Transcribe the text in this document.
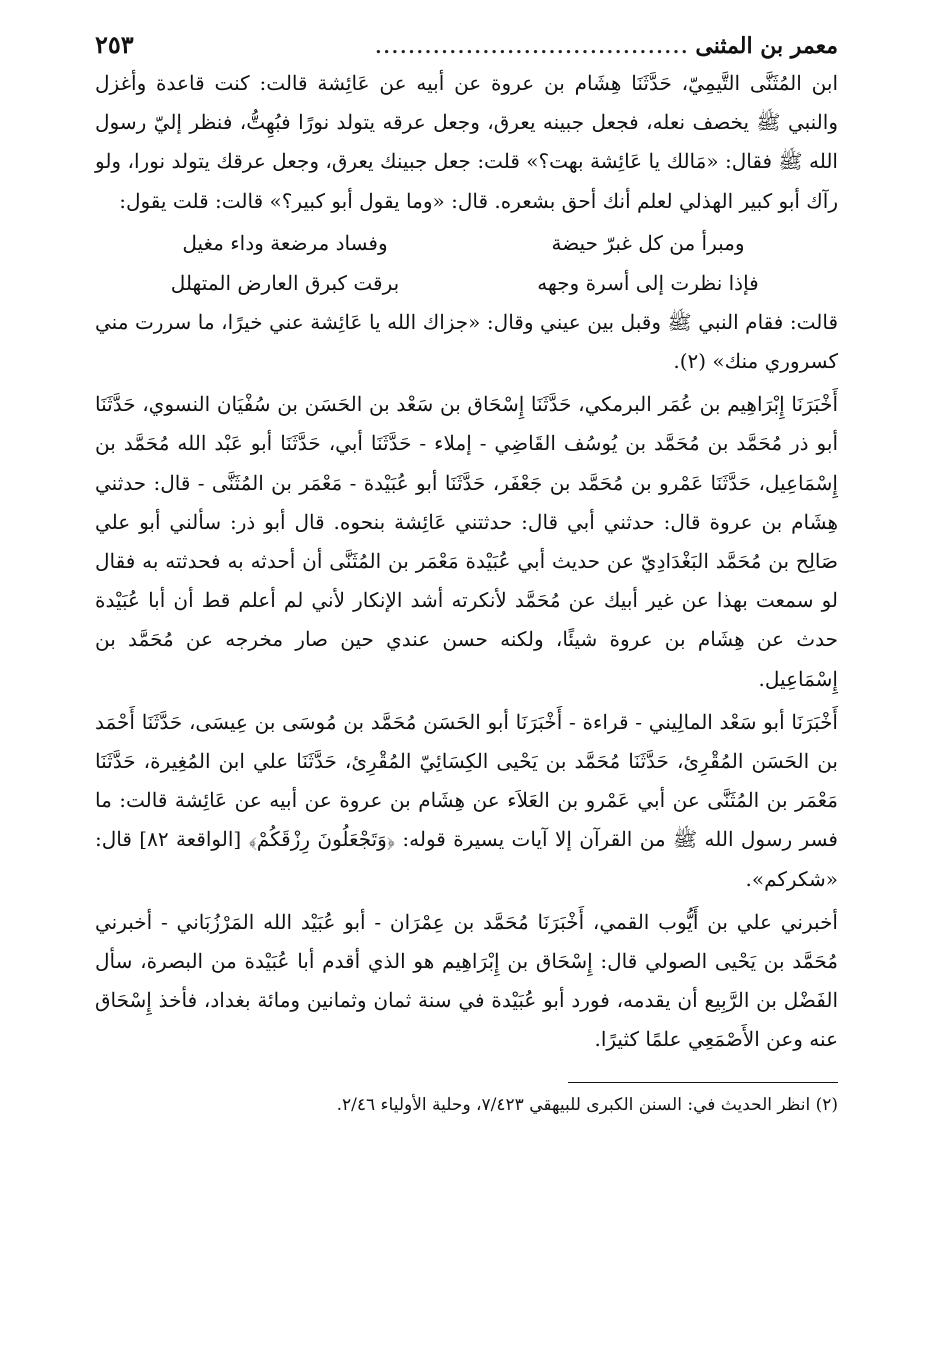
معمر بن المثنى
......................................
٢٥٣

ابن المُثَنَّى التَّيمِيّ، حَدَّثَنَا هِشَام بن عروة عن أبيه عن عَائِشة قالت: كنت قاعدة وأغزل والنبي ﷺ يخصف نعله، فجعل جبينه يعرق، وجعل عرقه يتولد نورًا فبُهِتُّ، فنظر إليّ رسول الله ﷺ فقال: «مَالك يا عَائِشة بهت؟» قلت: جعل جبينك يعرق، وجعل عرقك يتولد نورا، ولو رآك أبو كبير الهذلي لعلم أنك أحق بشعره. قال: «وما يقول أبو كبير؟» قالت: قلت يقول:

ومبرأ من كل غبرّ حيضة
وفساد مرضعة وداء مغيل
فإذا نظرت إلى أسرة وجهه
برقت كبرق العارض المتهلل

قالت: فقام النبي ﷺ وقبل بين عيني وقال: «جزاك الله يا عَائِشة عني خيرًا، ما سررت مني كسروري منك» (٢).

أَخْبَرَنَا إِبْرَاهِيم بن عُمَر البرمكي، حَدَّثَنَا إِسْحَاق بن سَعْد بن الحَسَن بن سُفْيَان النسوي، حَدَّثَنَا أبو ذر مُحَمَّد بن مُحَمَّد بن يُوسُف القَاضِي - إملاء - حَدَّثَنَا أبي، حَدَّثَنَا أبو عَبْد الله مُحَمَّد بن إِسْمَاعِيل، حَدَّثَنَا عَمْرو بن مُحَمَّد بن جَعْفَر، حَدَّثَنَا أبو عُبَيْدة - مَعْمَر بن المُثَنَّى - قال: حدثني هِشَام بن عروة قال: حدثني أبي قال: حدثتني عَائِشة بنحوه. قال أبو ذر: سألني أبو علي صَالِح بن مُحَمَّد البَغْدَادِيّ عن حديث أبي عُبَيْدة مَعْمَر بن المُثَنَّى أن أحدثه به فحدثته به فقال لو سمعت بهذا عن غير أبيك عن مُحَمَّد لأنكرته أشد الإنكار لأني لم أعلم قط أن أبا عُبَيْدة حدث عن هِشَام بن عروة شيئًا، ولكنه حسن عندي حين صار مخرجه عن مُحَمَّد بن إِسْمَاعِيل.

أَخْبَرَنَا أبو سَعْد المالِيني - قراءة - أَخْبَرَنَا أبو الحَسَن مُحَمَّد بن مُوسَى بن عِيسَى، حَدَّثَنَا أَحْمَد بن الحَسَن المُقْرِئ، حَدَّثَنَا مُحَمَّد بن يَحْيى الكِسَائِيّ المُقْرِئ، حَدَّثَنَا علي ابن المُغِيرة، حَدَّثَنَا مَعْمَر بن المُثَنَّى عن أبي عَمْرو بن العَلاَء عن هِشَام بن عروة عن أبيه عن عَائِشة قالت: ما فسر رسول الله ﷺ من القرآن إلا آيات يسيرة قوله: ﴿وَتَجْعَلُونَ رِزْقَكُمْ﴾ [الواقعة ٨٢] قال: «شكركم».

أخبرني علي بن أَيُّوب القمي، أَخْبَرَنَا مُحَمَّد بن عِمْرَان - أبو عُبَيْد الله المَرْزُبَاني - أخبرني مُحَمَّد بن يَحْيى الصولي قال: إِسْحَاق بن إِبْرَاهِيم هو الذي أقدم أبا عُبَيْدة من البصرة، سأل الفَضْل بن الرَّبِيع أن يقدمه، فورد أبو عُبَيْدة في سنة ثمان وثمانين ومائة بغداد، فأخذ إِسْحَاق عنه وعن الأَصْمَعِي علمًا كثيرًا.

(٢) انظر الحديث في: السنن الكبرى للبيهقي ٧/٤٢٣، وحلية الأولياء ٢/٤٦.
